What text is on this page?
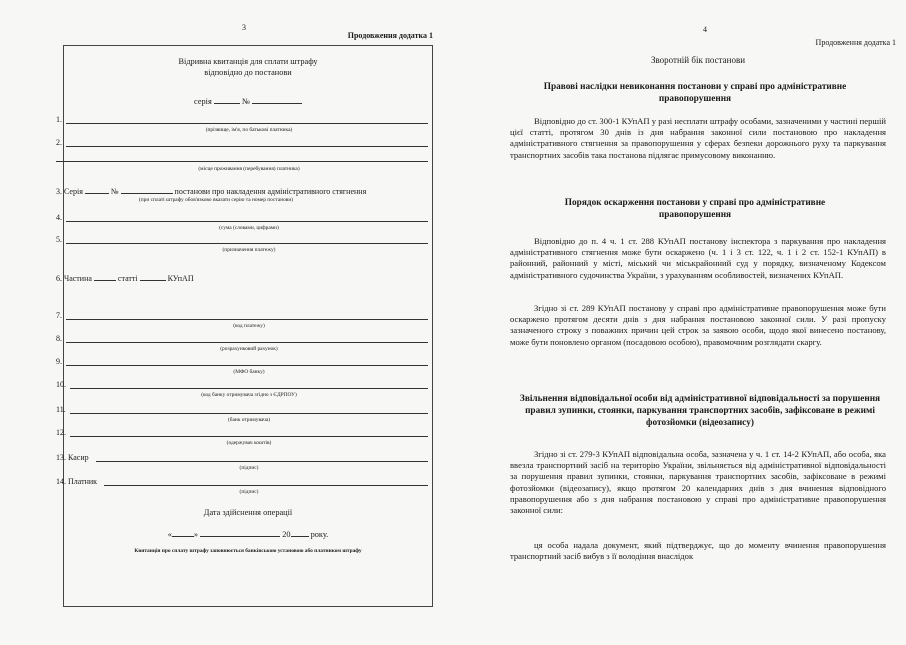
3
Продовження додатка 1
Відривна квитанція для сплати штрафу
відповідно до постанови
серія	№
1.
(прізвище, ім'я, по батькові платника)
2.
(місце проживання (перебування) платника)
3. Серія	№	постанови про накладення адміністративного стягнення
(при сплаті штрафу обов'язково вказати серію та номер постанови)
4.
(сума (словами, цифрами)
5.
(призначення платежу)
6. Частина	статті	КУпАП
7.
(код платежу)
8.
(розрахунковий рахунок)
9.
(МФО банку)
10.
(код банку отримувача згідно з ЄДРПОУ)
11.
(банк отримувача)
12.
(одержувач коштів)
13. Касир
(підпис)
14. Платник
(підпис)
Дата здійснення операції
«	»	20 року.
Квитанція про сплату штрафу заповнюється банківською установою або платником штрафу
4
Продовження додатка 1
Зворотній бік постанови
Правові наслідки невиконання постанови у справі про адміністративне правопорушення
Відповідно до ст. 300-1 КУпАП у разі несплати штрафу особами, зазначеними у частині першій цієї статті, протягом 30 днів із дня набрання законної сили постановою про накладення адміністративного стягнення за правопорушення у сферах безпеки дорожнього руху та паркування транспортних засобів така постанова підлягає примусовому виконанню.
Порядок оскарження постанови у справі про адміністративне правопорушення
Відповідно до п. 4 ч. 1 ст. 288 КУпАП постанову інспектора з паркування про накладення адміністративного стягнення може бути оскаржено (ч. 1 і 3 ст. 122, ч. 1 і 2 ст. 152-1 КУпАП) в районний, районний у місті, міський чи міськрайонний суд у порядку, визначеному Кодексом адміністративного судочинства України, з урахуванням особливостей, визначених КУпАП.
Згідно зі ст. 289 КУпАП постанову у справі про адміністративне правопорушення може бути оскаржено протягом десяти днів з дня набрання постановою законної сили. У разі пропуску зазначеного строку з поважних причин цей строк за заявою особи, щодо якої винесено постанову, може бути поновлено органом (посадовою особою), правомочним розглядати скаргу.
Звільнення відповідальної особи від адміністративної відповідальності за порушення правил зупинки, стоянки, паркування транспортних засобів, зафіксоване в режимі фотозйомки (відеозапису)
Згідно зі ст. 279-3 КУпАП відповідальна особа, зазначена у ч. 1 ст. 14-2 КУпАП, або особа, яка ввезла транспортний засіб на територію України, звільняється від адміністративної відповідальності за порушення правил зупинки, стоянки, паркування транспортних засобів, зафіксоване в режимі фотозйомки (відеозапису), якщо протягом 20 календарних днів з дня вчинення відповідного правопорушення або з дня набрання постановою у справі про адміністративне правопорушення законної сили:
ця особа надала документ, який підтверджує, що до моменту вчинення правопорушення транспортний засіб вибув з її володіння внаслідок
